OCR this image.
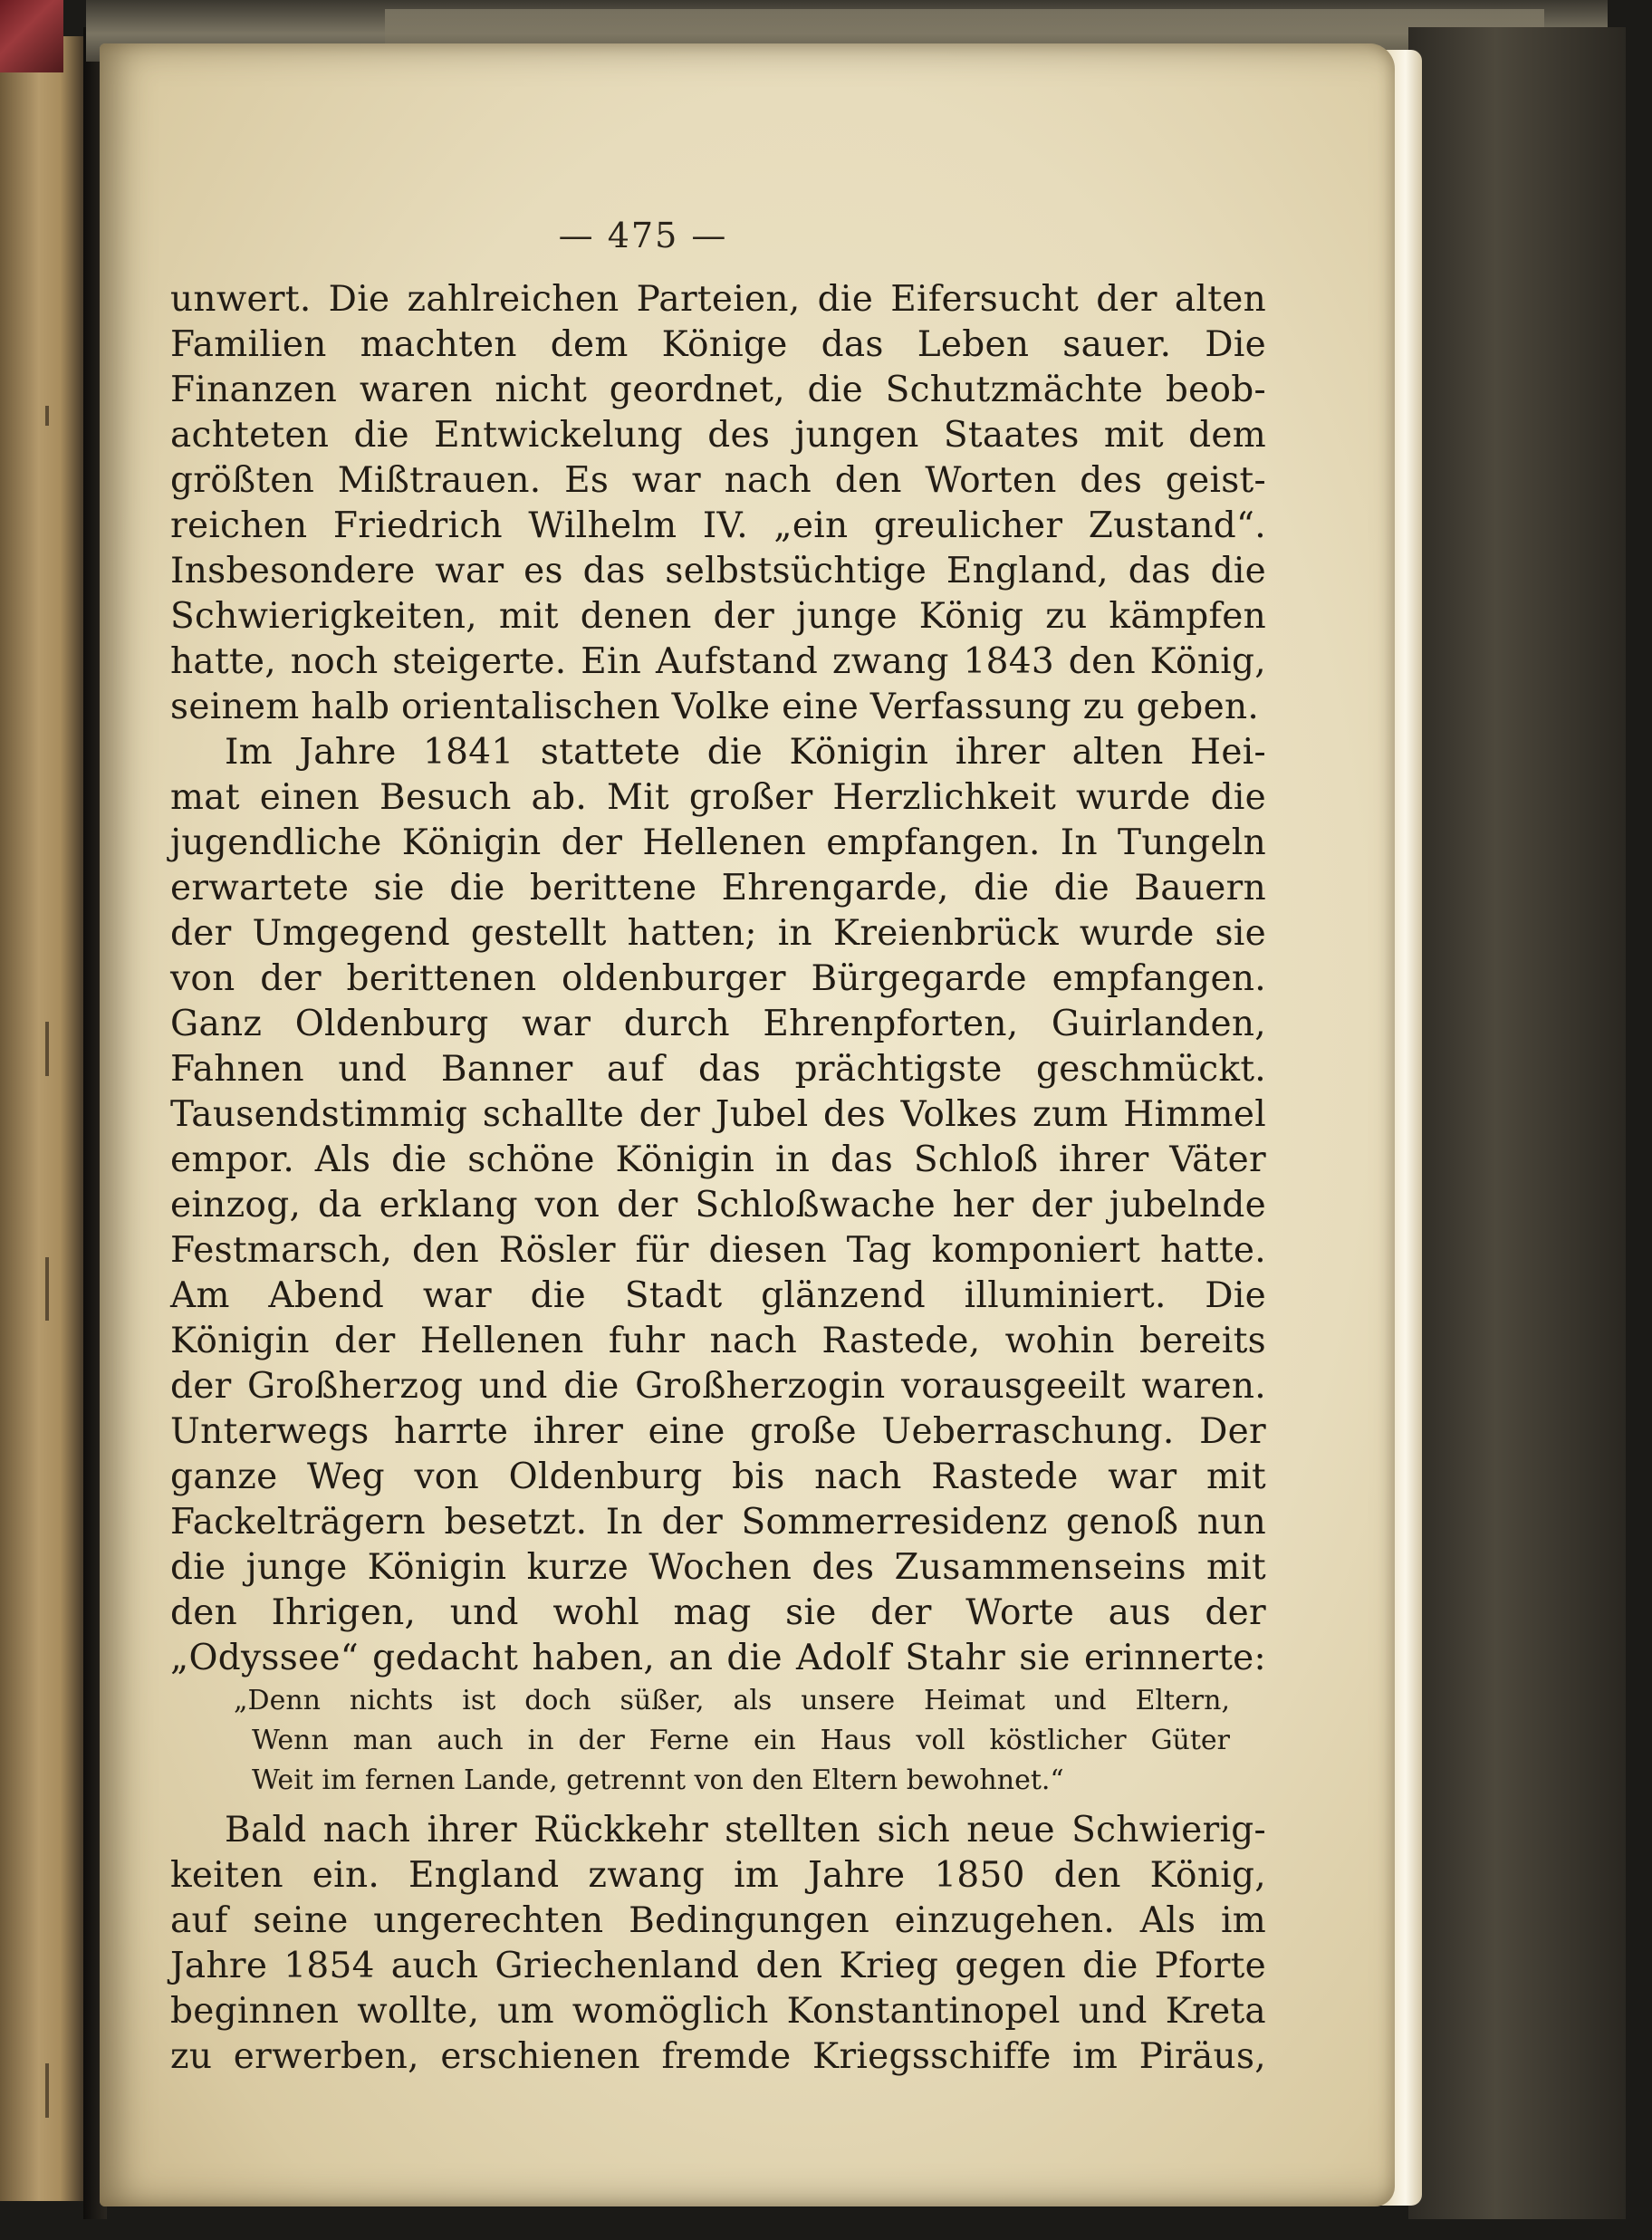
— 475 —
unwert. Die zahlreichen Parteien, die Eifersucht der alten
Familien machten dem Könige das Leben sauer. Die
Finanzen waren nicht geordnet, die Schutzmächte beob-
achteten die Entwickelung des jungen Staates mit dem
größten Mißtrauen. Es war nach den Worten des geist-
reichen Friedrich Wilhelm IV. „ein greulicher Zustand“.
Insbesondere war es das selbstsüchtige England, das die
Schwierigkeiten, mit denen der junge König zu kämpfen
hatte, noch steigerte. Ein Aufstand zwang 1843 den König,
seinem halb orientalischen Volke eine Verfassung zu geben.
Im Jahre 1841 stattete die Königin ihrer alten Hei-
mat einen Besuch ab. Mit großer Herzlichkeit wurde die
jugendliche Königin der Hellenen empfangen. In Tungeln
erwartete sie die berittene Ehrengarde, die die Bauern
der Umgegend gestellt hatten; in Kreienbrück wurde sie
von der berittenen oldenburger Bürgegarde empfangen.
Ganz Oldenburg war durch Ehrenpforten, Guirlanden,
Fahnen und Banner auf das prächtigste geschmückt.
Tausendstimmig schallte der Jubel des Volkes zum Himmel
empor. Als die schöne Königin in das Schloß ihrer Väter
einzog, da erklang von der Schloßwache her der jubelnde
Festmarsch, den Rösler für diesen Tag komponiert hatte.
Am Abend war die Stadt glänzend illuminiert. Die
Königin der Hellenen fuhr nach Rastede, wohin bereits
der Großherzog und die Großherzogin vorausgeeilt waren.
Unterwegs harrte ihrer eine große Ueberraschung. Der
ganze Weg von Oldenburg bis nach Rastede war mit
Fackelträgern besetzt. In der Sommerresidenz genoß nun
die junge Königin kurze Wochen des Zusammenseins mit
den Ihrigen, und wohl mag sie der Worte aus der
„Odyssee“ gedacht haben, an die Adolf Stahr sie erinnerte:
„Denn nichts ist doch süßer, als unsere Heimat und Eltern,
Wenn man auch in der Ferne ein Haus voll köstlicher Güter
Weit im fernen Lande, getrennt von den Eltern bewohnet.“
Bald nach ihrer Rückkehr stellten sich neue Schwierig-
keiten ein. England zwang im Jahre 1850 den König,
auf seine ungerechten Bedingungen einzugehen. Als im
Jahre 1854 auch Griechenland den Krieg gegen die Pforte
beginnen wollte, um womöglich Konstantinopel und Kreta
zu erwerben, erschienen fremde Kriegsschiffe im Piräus,
